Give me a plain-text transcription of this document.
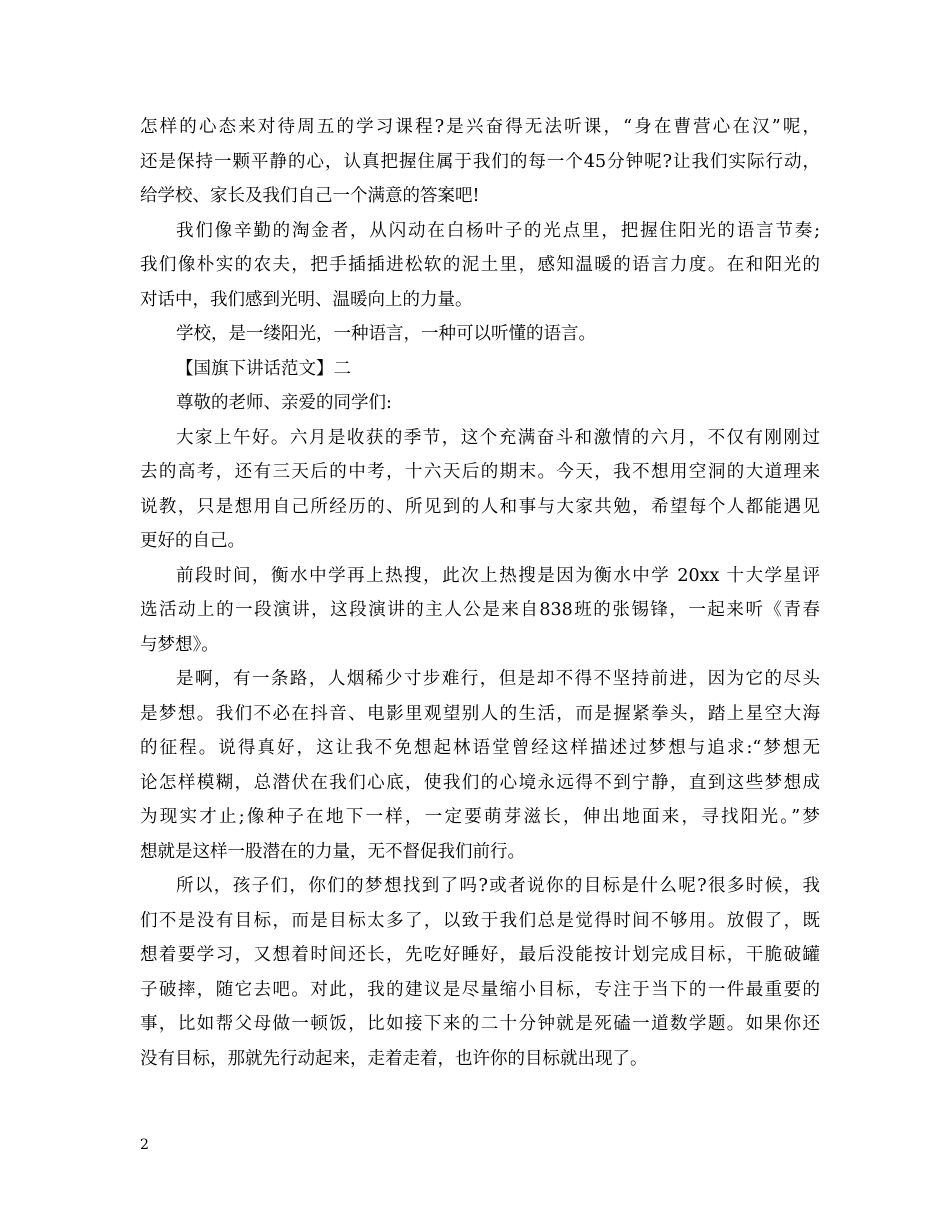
怎样的心态来对待周五的学习课程?是兴奋得无法听课，“身在曹营心在汉”呢，
还是保持一颗平静的心，认真把握住属于我们的每一个45分钟呢?让我们实际行动，
给学校、家长及我们自己一个满意的答案吧!
我们像辛勤的淘金者，从闪动在白杨叶子的光点里，把握住阳光的语言节奏;
我们像朴实的农夫，把手插插进松软的泥土里，感知温暖的语言力度。在和阳光的
对话中，我们感到光明、温暖向上的力量。
学校，是一缕阳光，一种语言，一种可以听懂的语言。
【国旗下讲话范文】二
尊敬的老师、亲爱的同学们:
大家上午好。六月是收获的季节，这个充满奋斗和激情的六月，不仅有刚刚过
去的高考，还有三天后的中考，十六天后的期末。今天，我不想用空洞的大道理来
说教，只是想用自己所经历的、所见到的人和事与大家共勉，希望每个人都能遇见
更好的自己。
前段时间，衡水中学再上热搜，此次上热搜是因为衡水中学 20xx 十大学星评
选活动上的一段演讲，这段演讲的主人公是来自838班的张锡锋，一起来听《青春
与梦想》。
是啊，有一条路，人烟稀少寸步难行，但是却不得不坚持前进，因为它的尽头
是梦想。我们不必在抖音、电影里观望别人的生活，而是握紧拳头，踏上星空大海
的征程。说得真好，这让我不免想起林语堂曾经这样描述过梦想与追求:“梦想无
论怎样模糊，总潜伏在我们心底，使我们的心境永远得不到宁静，直到这些梦想成
为现实才止;像种子在地下一样，一定要萌芽滋长，伸出地面来，寻找阳光。”梦
想就是这样一股潜在的力量，无不督促我们前行。
所以，孩子们，你们的梦想找到了吗?或者说你的目标是什么呢?很多时候，我
们不是没有目标，而是目标太多了，以致于我们总是觉得时间不够用。放假了，既
想着要学习，又想着时间还长，先吃好睡好，最后没能按计划完成目标，干脆破罐
子破摔，随它去吧。对此，我的建议是尽量缩小目标，专注于当下的一件最重要的
事，比如帮父母做一顿饭，比如接下来的二十分钟就是死磕一道数学题。如果你还
没有目标，那就先行动起来，走着走着，也许你的目标就出现了。
2
